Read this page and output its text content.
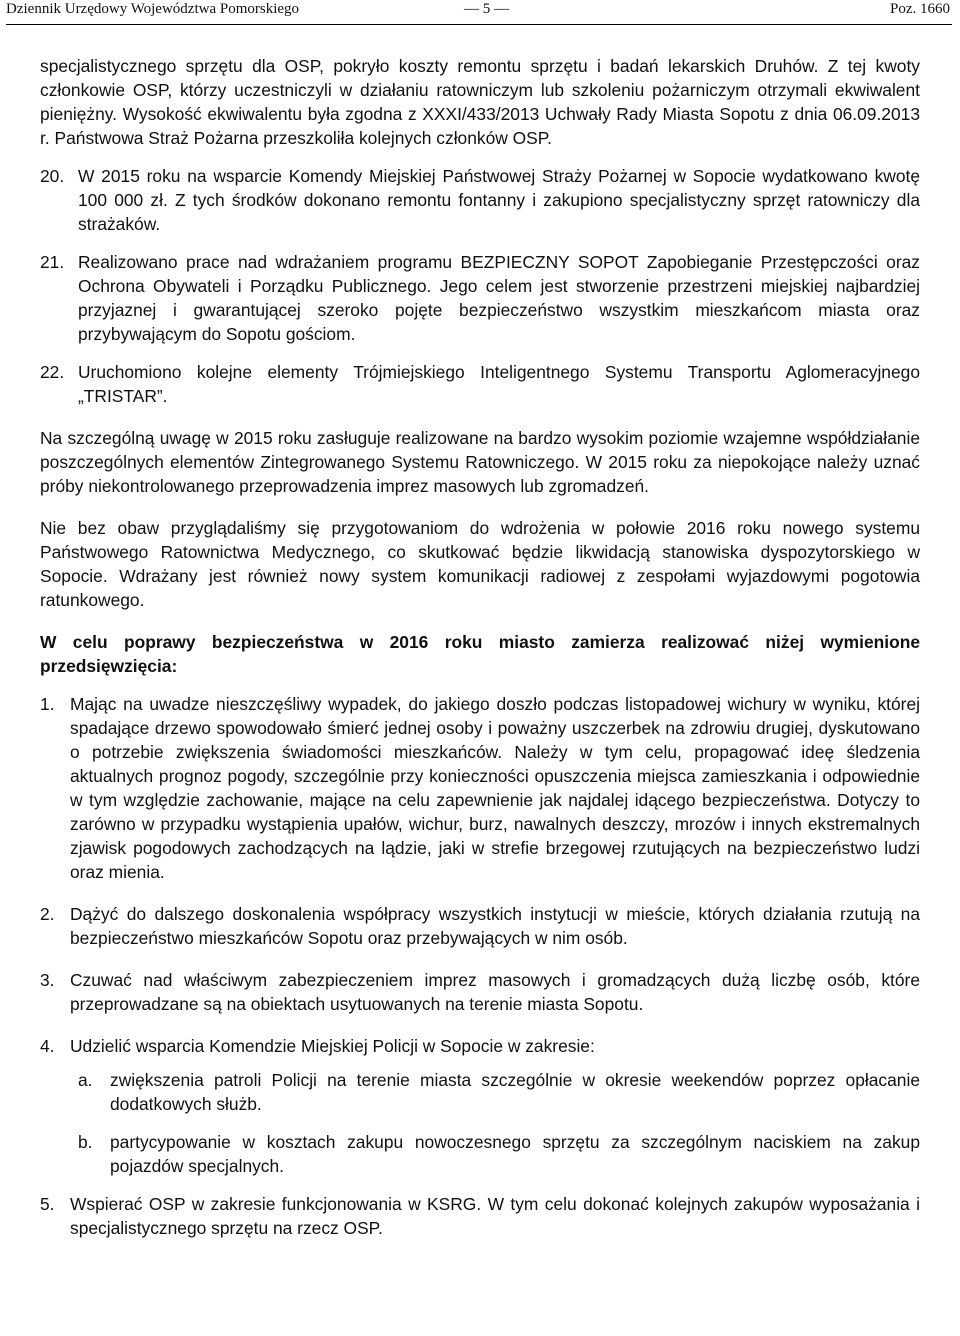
Dziennik Urzędowy Województwa Pomorskiego	— 5 —	Poz. 1660

specjalistycznego sprzętu dla OSP, pokryło koszty remontu sprzętu i badań lekarskich Druhów. Z tej kwoty członkowie OSP, którzy uczestniczyli w działaniu ratowniczym lub szkoleniu pożarniczym otrzymali ekwiwalent pieniężny. Wysokość ekwiwalentu była zgodna z XXXI/433/2013 Uchwały Rady Miasta Sopotu z dnia 06.09.2013 r. Państwowa Straż Pożarna przeszkoliła kolejnych członków OSP.

20. W 2015 roku na wsparcie Komendy Miejskiej Państwowej Straży Pożarnej w Sopocie wydatkowano kwotę 100 000 zł. Z tych środków dokonano remontu fontanny i zakupiono specjalistyczny sprzęt ratowniczy dla strażaków.
21. Realizowano prace nad wdrażaniem programu BEZPIECZNY SOPOT Zapobieganie Przestępczości oraz Ochrona Obywateli i Porządku Publicznego. Jego celem jest stworzenie przestrzeni miejskiej najbardziej przyjaznej i gwarantującej szeroko pojęte bezpieczeństwo wszystkim mieszkańcom miasta oraz przybywającym do Sopotu gościom.
22. Uruchomiono kolejne elementy Trójmiejskiego Inteligentnego Systemu Transportu Aglomeracyjnego „TRISTAR”.

Na szczególną uwagę w 2015 roku zasługuje realizowane na bardzo wysokim poziomie wzajemne współdziałanie poszczególnych elementów Zintegrowanego Systemu Ratowniczego. W 2015 roku za niepokojące należy uznać próby niekontrolowanego przeprowadzenia imprez masowych lub zgromadzeń.

Nie bez obaw przyglądaliśmy się przygotowaniom do wdrożenia w połowie 2016 roku nowego systemu Państwowego Ratownictwa Medycznego, co skutkować będzie likwidacją stanowiska dyspozytorskiego w Sopocie. Wdrażany jest również nowy system komunikacji radiowej z zespołami wyjazdowymi pogotowia ratunkowego.

W celu poprawy bezpieczeństwa w 2016 roku miasto zamierza realizować niżej wymienione przedsięwzięcia:

1. Mając na uwadze nieszczęśliwy wypadek, do jakiego doszło podczas listopadowej wichury w wyniku, której spadające drzewo spowodowało śmierć jednej osoby i poważny uszczerbek na zdrowiu drugiej, dyskutowano o potrzebie zwiększenia świadomości mieszkańców. Należy w tym celu, propagować ideę śledzenia aktualnych prognoz pogody, szczególnie przy konieczności opuszczenia miejsca zamieszkania i odpowiednie w tym względzie zachowanie, mające na celu zapewnienie jak najdalej idącego bezpieczeństwa. Dotyczy to zarówno w przypadku wystąpienia upałów, wichur, burz, nawalnych deszczy, mrozów i innych ekstremalnych zjawisk pogodowych zachodzących na lądzie, jaki w strefie brzegowej rzutujących na bezpieczeństwo ludzi oraz mienia.
2. Dążyć do dalszego doskonalenia współpracy wszystkich instytucji w mieście, których działania rzutują na bezpieczeństwo mieszkańców Sopotu oraz przebywających w nim osób.
3. Czuwać nad właściwym zabezpieczeniem imprez masowych i gromadzących dużą liczbę osób, które przeprowadzane są na obiektach usytuowanych na terenie miasta Sopotu.
4. Udzielić wsparcia Komendzie Miejskiej Policji w Sopocie w zakresie:
a.	zwiększenia patroli Policji na terenie miasta szczególnie w okresie weekendów poprzez opłacanie dodatkowych służb.
b.	partycypowanie w kosztach zakupu nowoczesnego sprzętu za szczególnym naciskiem na zakup pojazdów specjalnych.
5. Wspierać OSP w zakresie funkcjonowania w KSRG. W tym celu dokonać kolejnych zakupów wyposażania i specjalistycznego sprzętu na rzecz OSP.
